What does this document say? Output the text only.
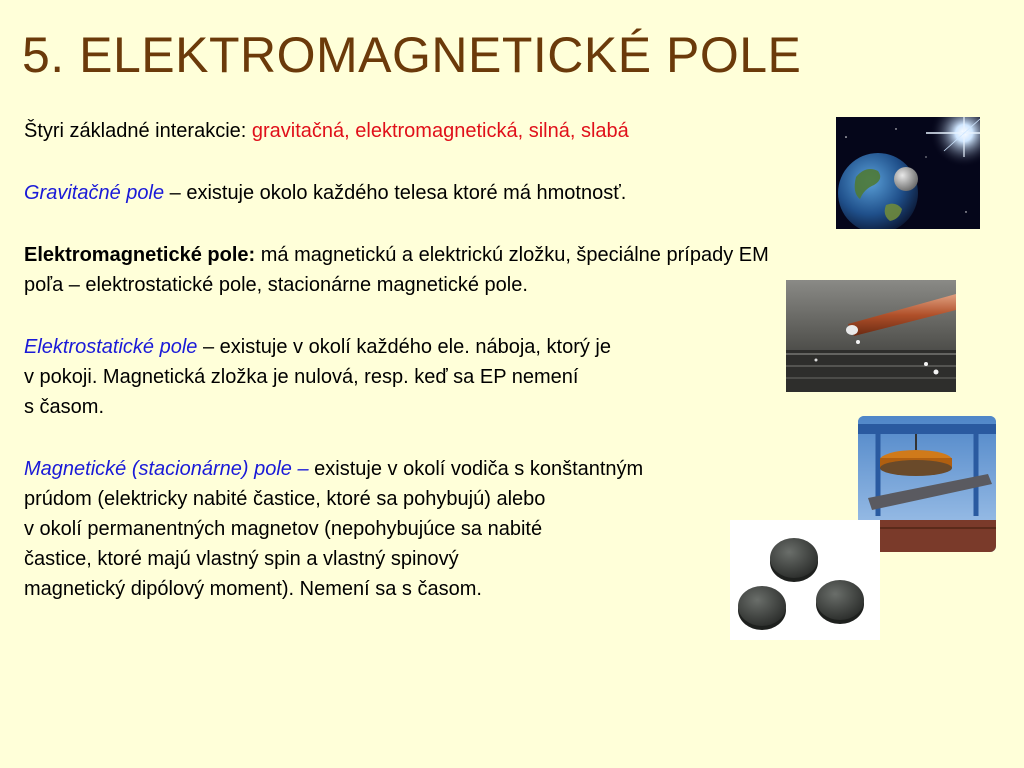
5. ELEKTROMAGNETICKÉ POLE
Štyri základné interakcie: gravitačná, elektromagnetická, silná, slabá
Gravitačné pole – existuje okolo každého telesa ktoré má hmotnosť.
Elektromagnetické pole: má magnetickú a elektrickú zložku, špeciálne prípady EM
poľa – elektrostatické pole, stacionárne magnetické pole.
Elektrostatické pole – existuje v okolí každého ele. náboja, ktorý je
v pokoji. Magnetická zložka je nulová, resp. keď sa EP nemení
s časom.
Magnetické (stacionárne) pole – existuje v okolí vodiča s konštantným
prúdom (elektricky nabité častice, ktoré sa pohybujú) alebo
v okolí permanentných magnetov (nepohybujúce sa nabité
častice, ktoré majú vlastný spin a vlastný spinový
magnetický dipólový moment). Nemení sa s časom.
